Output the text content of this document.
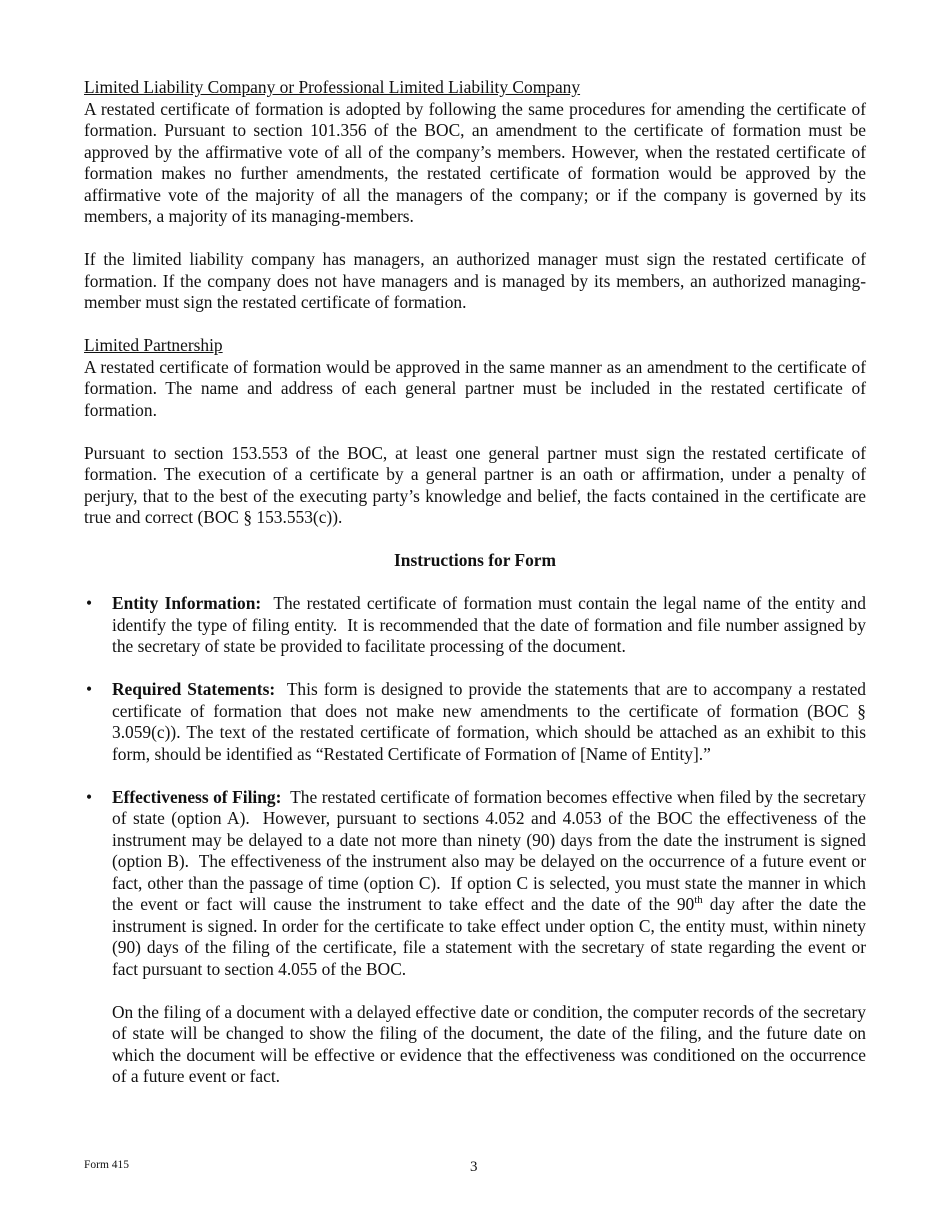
Limited Liability Company or Professional Limited Liability Company

A restated certificate of formation is adopted by following the same procedures for amending the certificate of formation. Pursuant to section 101.356 of the BOC, an amendment to the certificate of formation must be approved by the affirmative vote of all of the company’s members. However, when the restated certificate of formation makes no further amendments, the restated certificate of formation would be approved by the affirmative vote of the majority of all the managers of the company; or if the company is governed by its members, a majority of its managing-members.

If the limited liability company has managers, an authorized manager must sign the restated certificate of formation. If the company does not have managers and is managed by its members, an authorized managing-member must sign the restated certificate of formation.

Limited Partnership

A restated certificate of formation would be approved in the same manner as an amendment to the certificate of formation. The name and address of each general partner must be included in the restated certificate of formation.

Pursuant to section 153.553 of the BOC, at least one general partner must sign the restated certificate of formation. The execution of a certificate by a general partner is an oath or affirmation, under a penalty of perjury, that to the best of the executing party’s knowledge and belief, the facts contained in the certificate are true and correct (BOC § 153.553(c)).

Instructions for Form

• Entity Information:  The restated certificate of formation must contain the legal name of the entity and identify the type of filing entity.  It is recommended that the date of formation and file number assigned by the secretary of state be provided to facilitate processing of the document.

• Required Statements:  This form is designed to provide the statements that are to accompany a restated certificate of formation that does not make new amendments to the certificate of formation (BOC § 3.059(c)). The text of the restated certificate of formation, which should be attached as an exhibit to this form, should be identified as “Restated Certificate of Formation of [Name of Entity].”

• Effectiveness of Filing:  The restated certificate of formation becomes effective when filed by the secretary of state (option A).  However, pursuant to sections 4.052 and 4.053 of the BOC the effectiveness of the instrument may be delayed to a date not more than ninety (90) days from the date the instrument is signed (option B).  The effectiveness of the instrument also may be delayed on the occurrence of a future event or fact, other than the passage of time (option C).  If option C is selected, you must state the manner in which the event or fact will cause the instrument to take effect and the date of the 90th day after the date the instrument is signed. In order for the certificate to take effect under option C, the entity must, within ninety (90) days of the filing of the certificate, file a statement with the secretary of state regarding the event or fact pursuant to section 4.055 of the BOC.

On the filing of a document with a delayed effective date or condition, the computer records of the secretary of state will be changed to show the filing of the document, the date of the filing, and the future date on which the document will be effective or evidence that the effectiveness was conditioned on the occurrence of a future event or fact.

Form 415	3
